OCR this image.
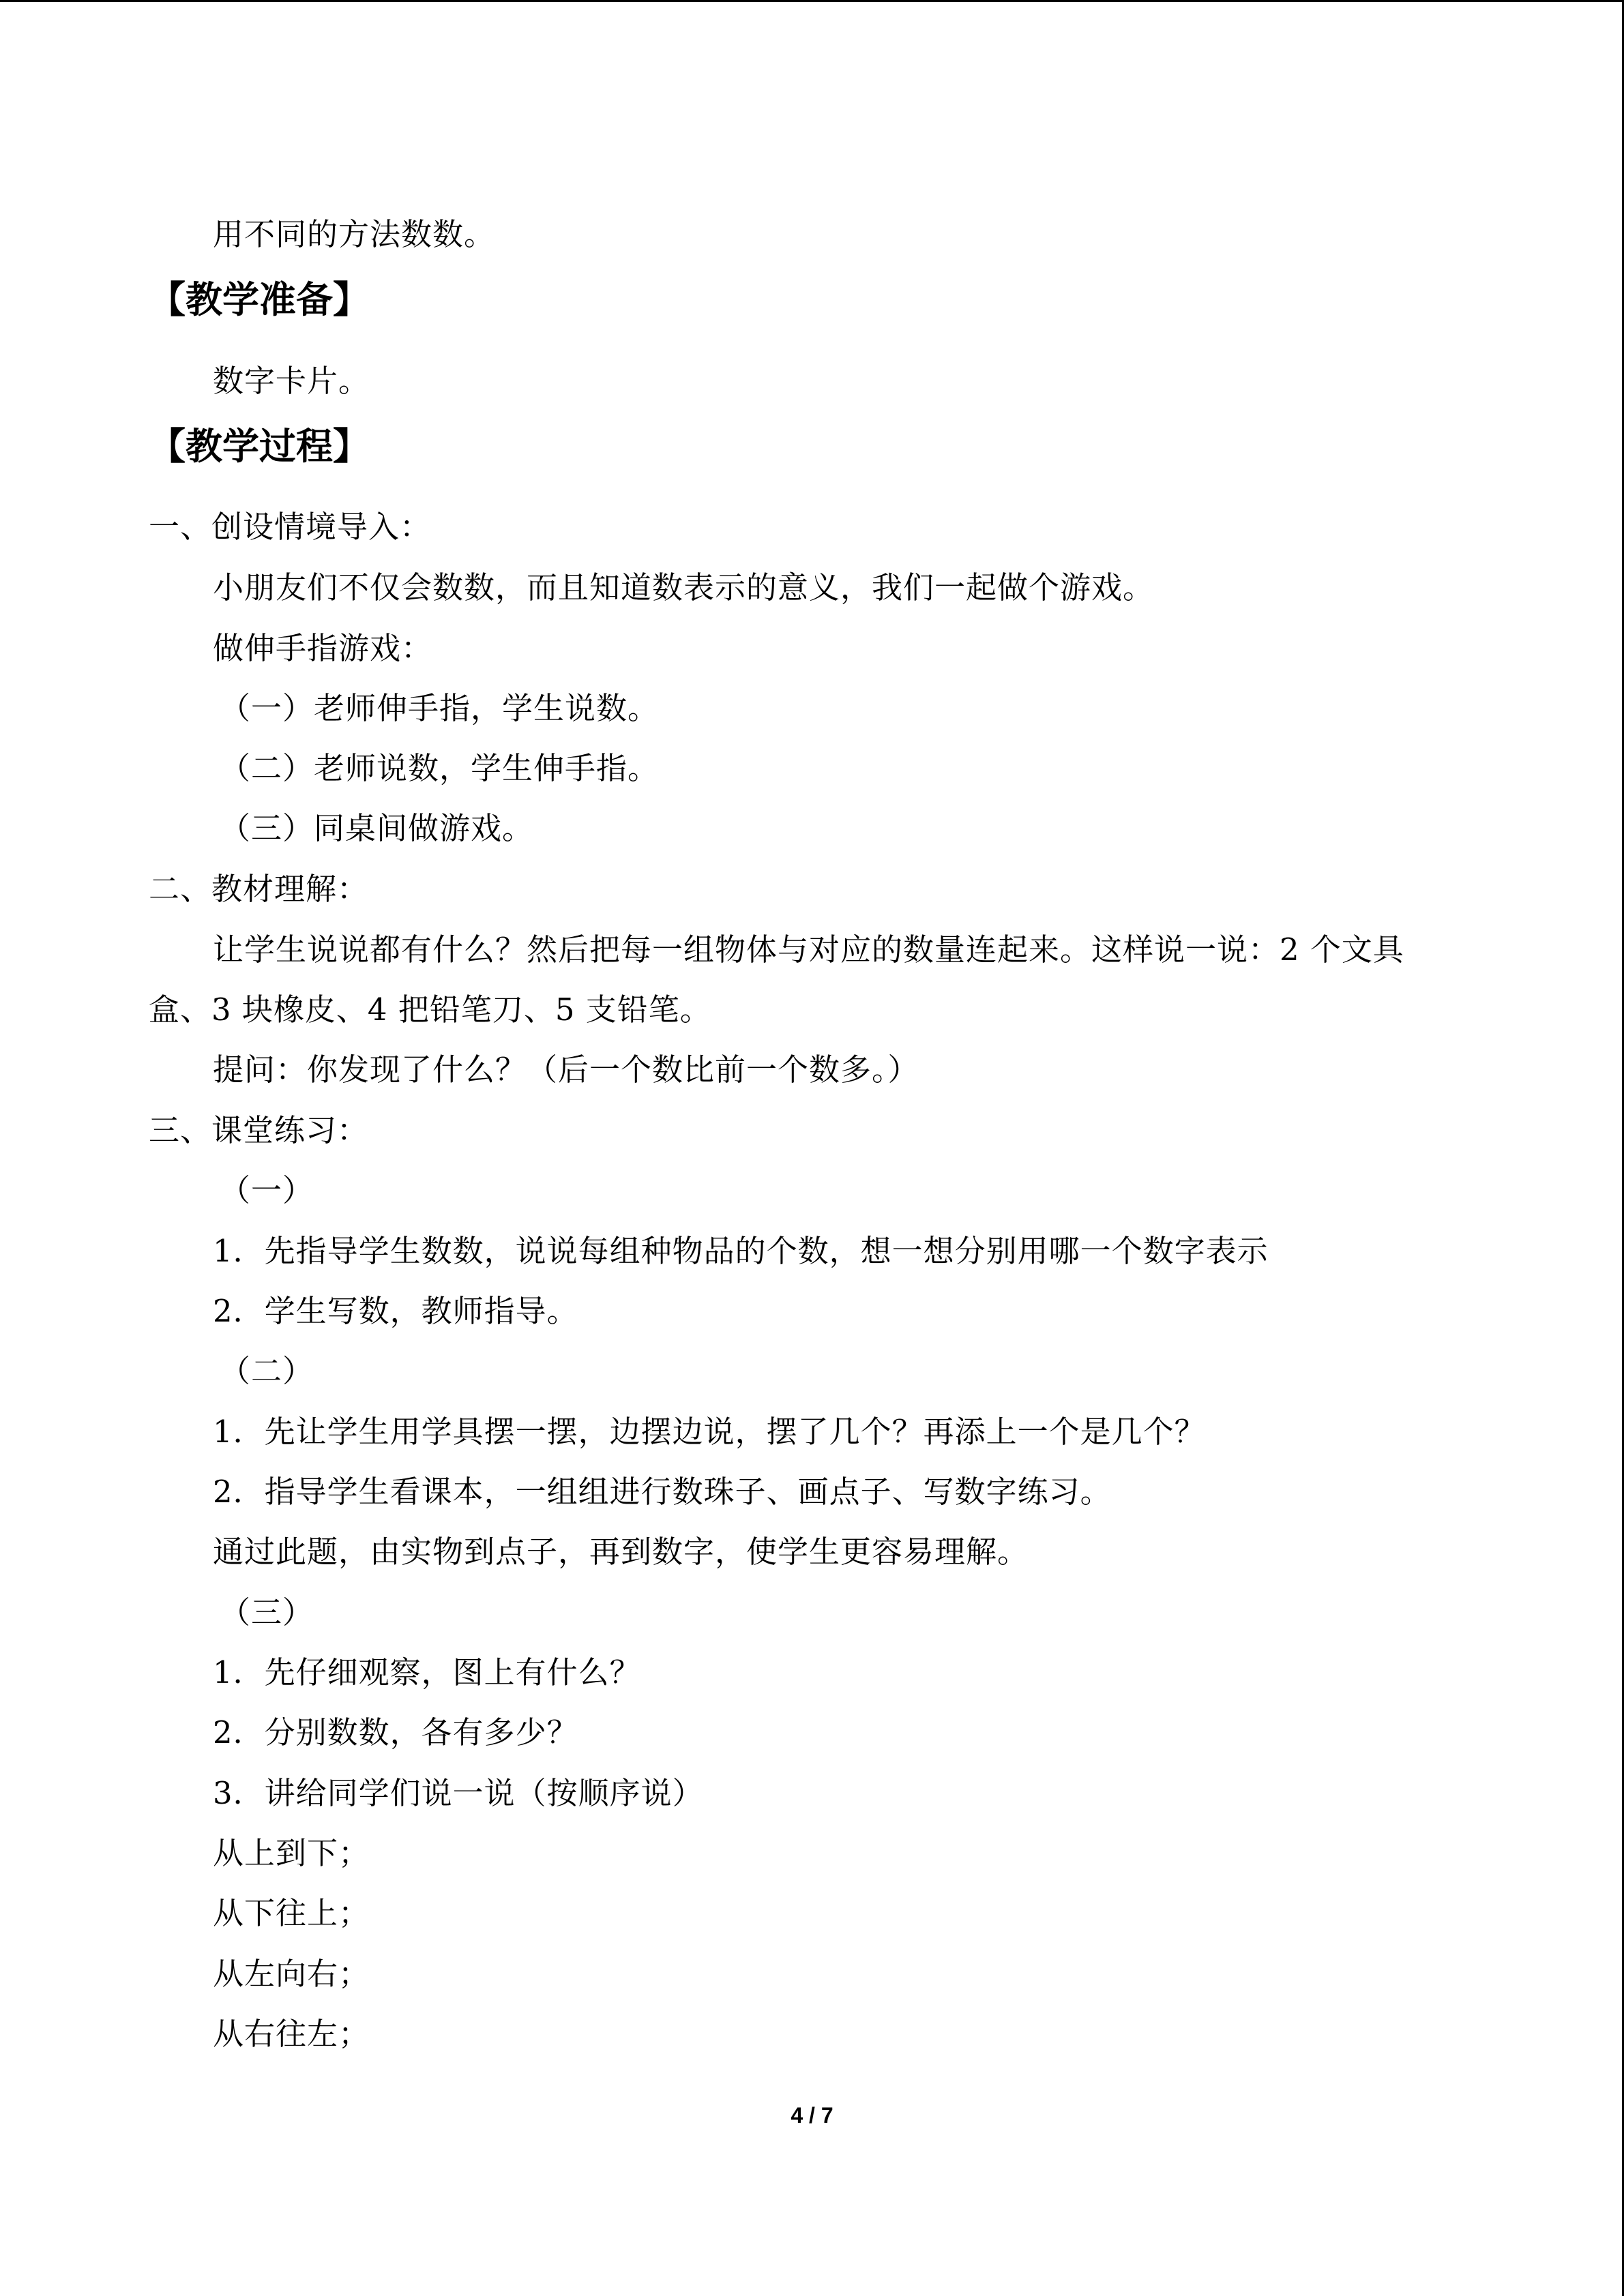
用不同的方法数数。
【教学准备】
数字卡片。
【教学过程】
一、创设情境导入：
小朋友们不仅会数数，而且知道数表示的意义，我们一起做个游戏。
做伸手指游戏：
（一）老师伸手指，学生说数。
（二）老师说数，学生伸手指。
（三）同桌间做游戏。
二、教材理解：
让学生说说都有什么？然后把每一组物体与对应的数量连起来。这样说一说：2 个文具
盒、3 块橡皮、4 把铅笔刀、5 支铅笔。
提问：你发现了什么？（后一个数比前一个数多。）
三、课堂练习：
（一）
1．先指导学生数数，说说每组种物品的个数，想一想分别用哪一个数字表示
2．学生写数，教师指导。
（二）
1．先让学生用学具摆一摆，边摆边说，摆了几个？再添上一个是几个？
2．指导学生看课本，一组组进行数珠子、画点子、写数字练习。
通过此题，由实物到点子，再到数字，使学生更容易理解。
（三）
1．先仔细观察，图上有什么？
2．分别数数，各有多少？
3．讲给同学们说一说（按顺序说）
从上到下；
从下往上；
从左向右；
从右往左；
4 / 7
